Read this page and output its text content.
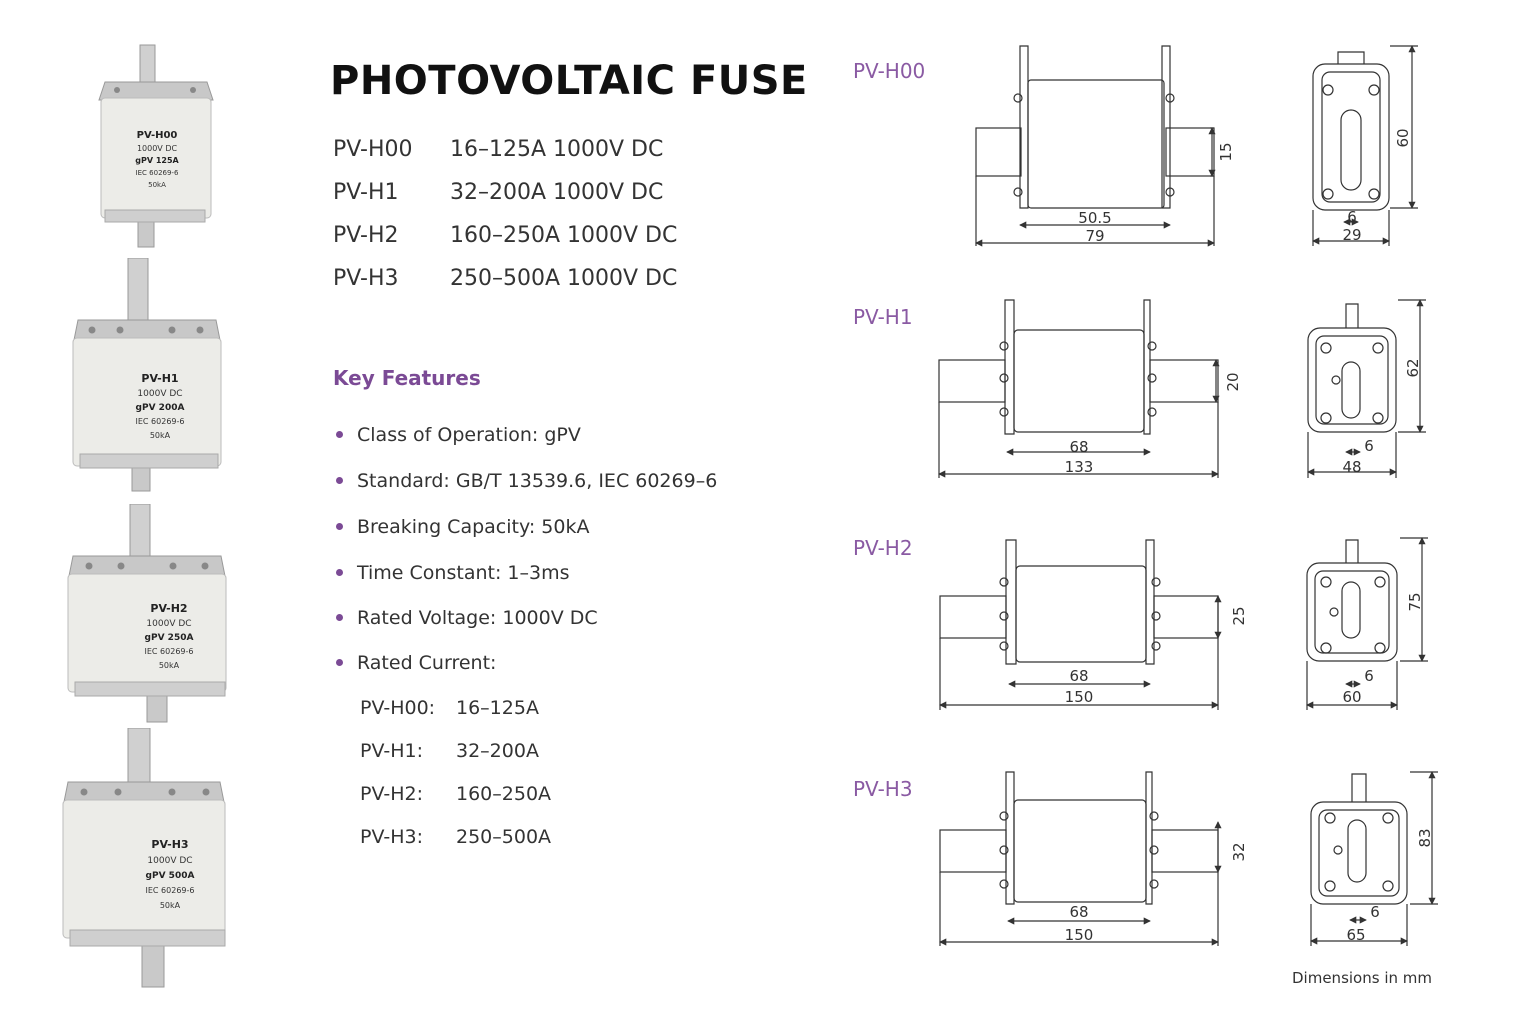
PV-H00
1000V DC
gPV 125A
IEC 60269-6
50kA
PV-H1
1000V DC
gPV 200A
IEC 60269-6
50kA
PV-H2
1000V DC
gPV 250A
IEC 60269-6
50kA
PV-H3
1000V DC
gPV 500A
IEC 60269-6
50kA
PHOTOVOLTAIC FUSE
PV-H00 16–125A 1000V DC
PV-H1 32–200A 1000V DC
PV-H2 160–250A 1000V DC
PV-H3 250–500A 1000V DC
Key Features
Class of Operation: gPV
Standard: GB/T 13539.6, IEC 60269–6
Breaking Capacity: 50kA
Time Constant: 1–3ms
Rated Voltage: 1000V DC
Rated Current:
PV-H00: 16–125A
PV-H1: 32–200A
PV-H2: 160–250A
PV-H3: 250–500A
PV-H00
PV-H1
PV-H2
PV-H3
50.5
79
15
60
6
29
68
133
20
62
6
48
68
150
25
75
6
60
68
150
32
83
6
65
Dimensions in mm
